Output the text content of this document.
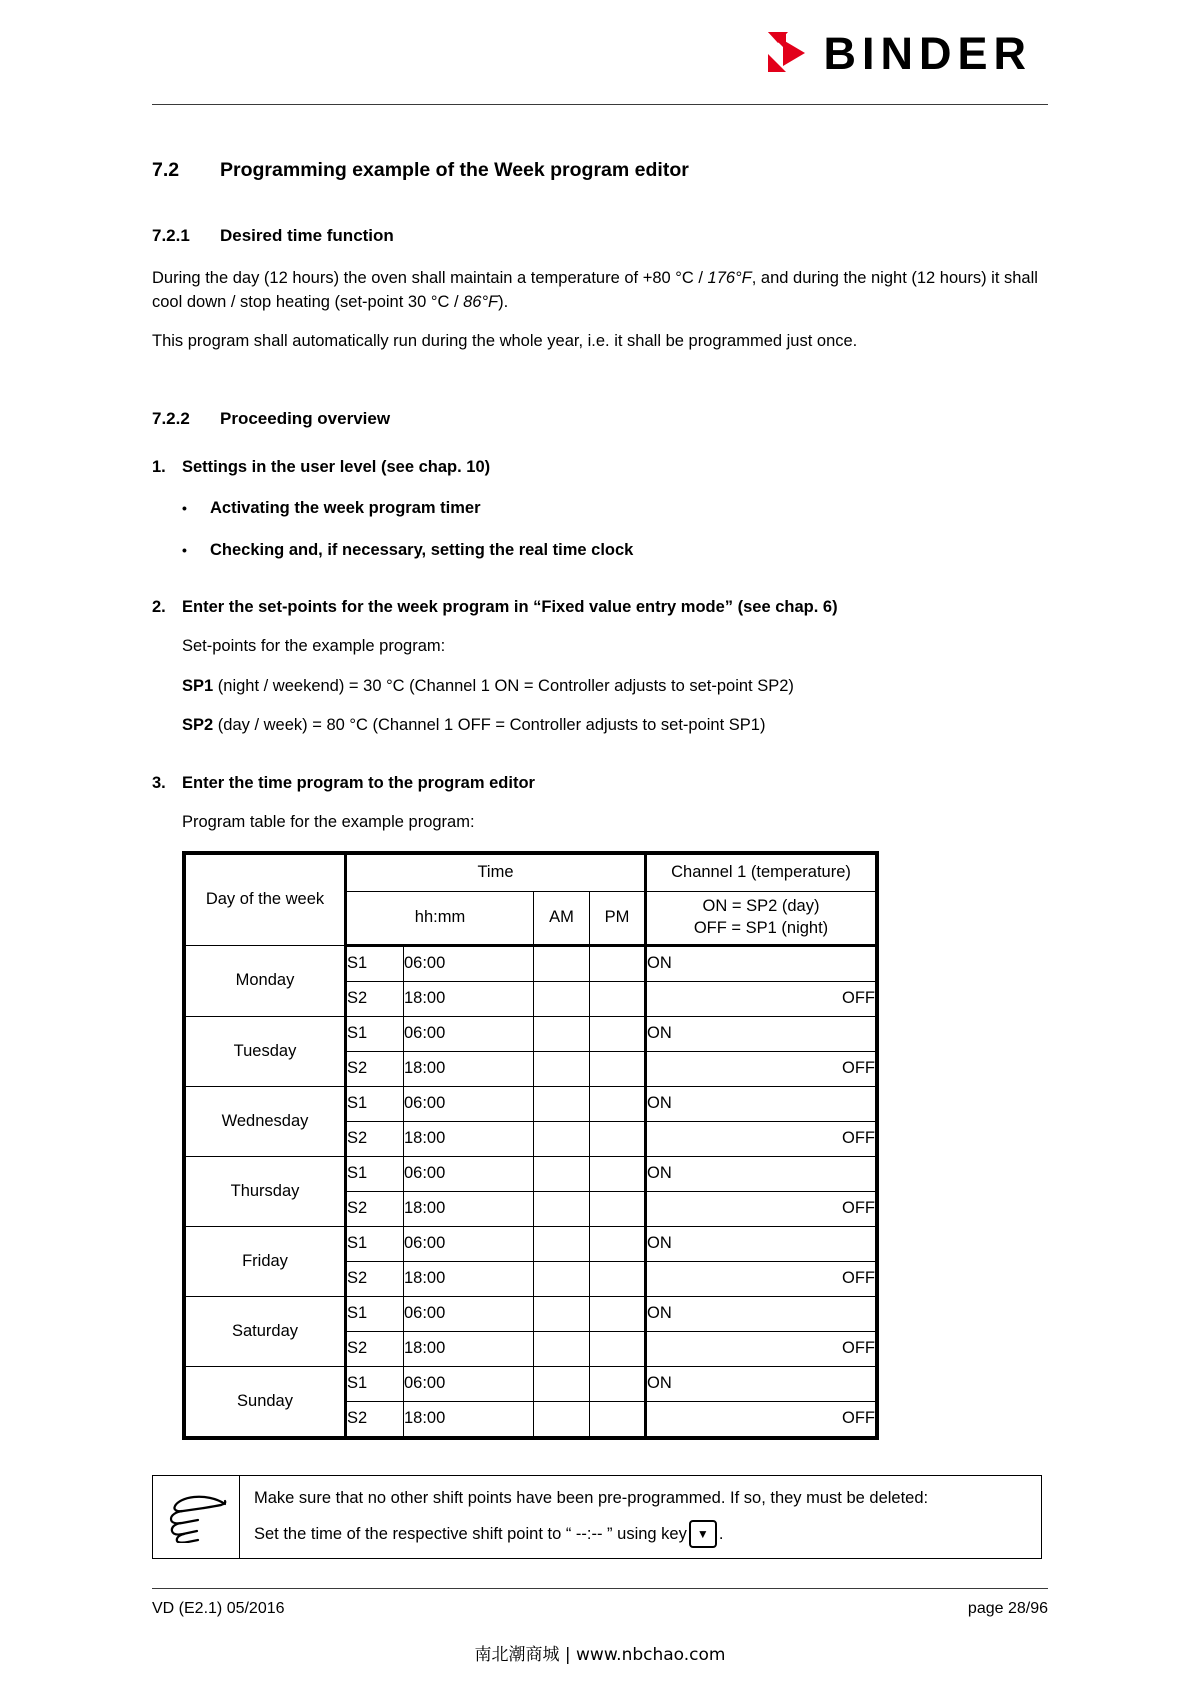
BINDER
7.2	Programming example of the Week program editor
7.2.1	Desired time function

During the day (12 hours) the oven shall maintain a temperature of +80 °C / 176°F, and during the night (12 hours) it shall cool down / stop heating (set-point 30 °C / 86°F).

This program shall automatically run during the whole year, i.e. it shall be programmed just once.

7.2.2	Proceeding overview
1. Settings in the user level (see chap. 10)
•	Activating the week program timer
•	Checking and, if necessary, setting the real time clock
2. Enter the set-points for the week program in “Fixed value entry mode” (see chap. 6)
Set-points for the example program:
SP1 (night / weekend) = 30 °C (Channel 1 ON = Controller adjusts to set-point SP2)
SP2 (day / week) = 80 °C (Channel 1 OFF = Controller adjusts to set-point SP1)
3. Enter the time program to the program editor
Program table for the example program:
Day of the week	Time				Channel 1 (temperature)
	hh:mm		AM	PM	ON = SP2 (day)
OFF = SP1 (night)

Monday	S1	06:00			ON
	S2	18:00			OFF
Tuesday	S1	06:00			ON
	S2	18:00			OFF
Wednesday	S1	06:00			ON
	S2	18:00			OFF
Thursday	S1	06:00			ON
	S2	18:00			OFF
Friday	S1	06:00			ON
	S2	18:00			OFF
Saturday	S1	06:00			ON
	S2	18:00			OFF
Sunday	S1	06:00			ON
	S2	18:00			OFF
Make sure that no other shift points have been pre-programmed. If so, they must be deleted:
Set the time of the respective shift point to “ --:-- ” using key ▼ .
VD (E2.1) 05/2016	page 28/96
南北潮商城 | www.nbchao.com
